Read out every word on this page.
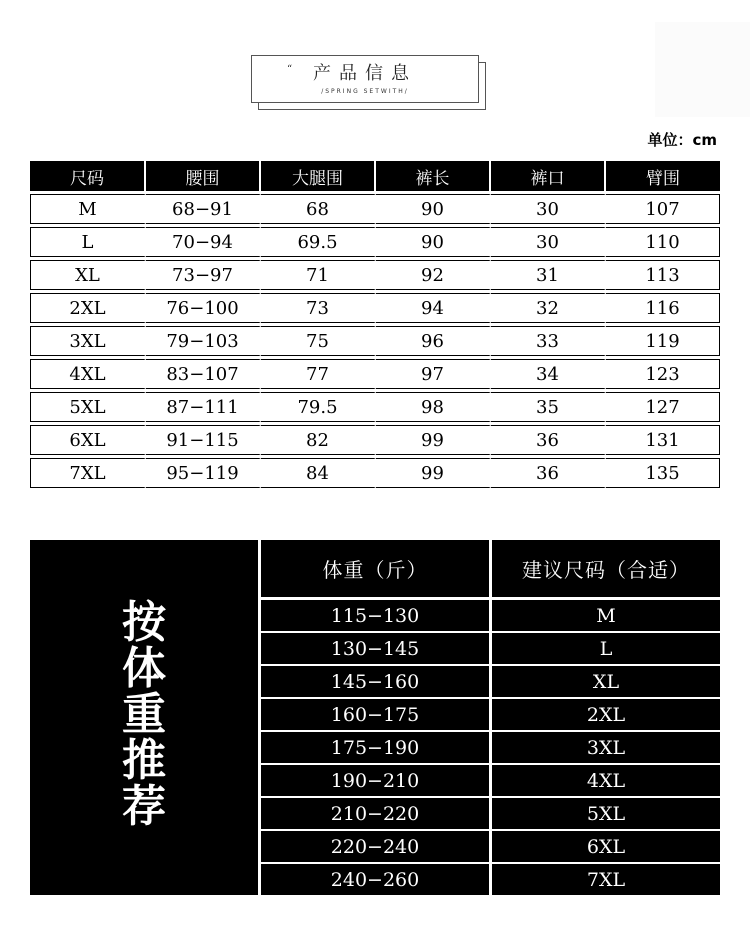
“	产品信息
/SPRING SETWITH/
单位：cm
尺码	腰围	大腿围	裤长	裤口	臂围
M	68−91	68	90	30	107
L	70−94	69.5	90	30	110
XL	73−97	71	92	31	113
2XL	76−100	73	94	32	116
3XL	79−103	75	96	33	119
4XL	83−107	77	97	34	123
5XL	87−111	79.5	98	35	127
6XL	91−115	82	99	36	131
7XL	95−119	84	99	36	135
按
体
重
推
荐
体重（斤）	建议尺码（合适）
115−130	M
130−145	L
145−160	XL
160−175	2XL
175−190	3XL
190−210	4XL
210−220	5XL
220−240	6XL
240−260	7XL
